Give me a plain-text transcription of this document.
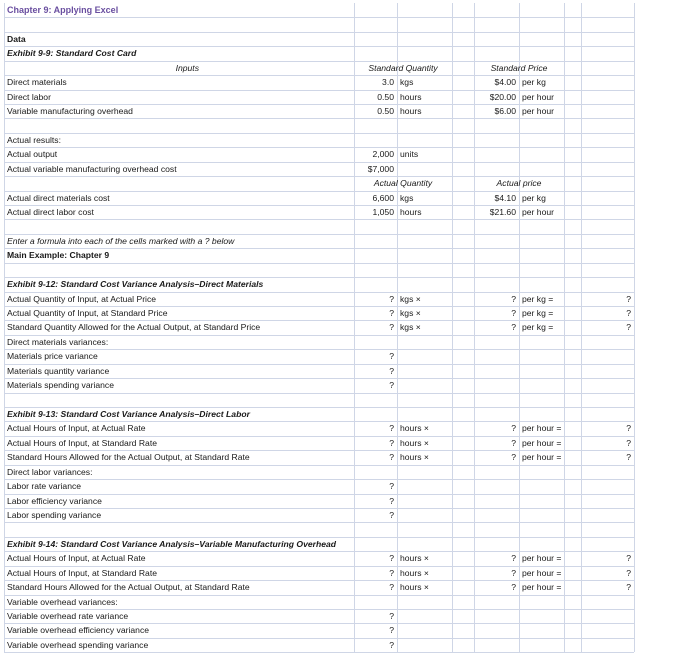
Chapter 9: Applying Excel
Data
Exhibit 9-9: Standard Cost Card
Inputs	Standard Quantity	Standard Price
Direct materials	3.0 kgs	$4.00 per kg
Direct labor	0.50 hours	$20.00 per hour
Variable manufacturing overhead	0.50 hours	$6.00 per hour
Actual results:
Actual output	2,000 units
Actual variable manufacturing overhead cost	$7,000
Actual Quantity	Actual price
Actual direct materials cost	6,600 kgs	$4.10 per kg
Actual direct labor cost	1,050 hours	$21.60 per hour
Enter a formula into each of the cells marked with a ? below
Main Example: Chapter 9
Exhibit 9-12: Standard Cost Variance Analysis–Direct Materials
Actual Quantity of Input, at Actual Price	? kgs ×	? per kg =	?
Actual Quantity of Input, at Standard Price	? kgs ×	? per kg =	?
Standard Quantity Allowed for the Actual Output, at Standard Price	? kgs ×	? per kg =	?
Direct materials variances:
Materials price variance	?
Materials quantity variance	?
Materials spending variance	?
Exhibit 9-13: Standard Cost Variance Analysis–Direct Labor
Actual Hours of Input, at Actual Rate	? hours ×	? per hour =	?
Actual Hours of Input, at Standard Rate	? hours ×	? per hour =	?
Standard Hours Allowed for the Actual Output, at Standard Rate	? hours ×	? per hour =	?
Direct labor variances:
Labor rate variance	?
Labor efficiency variance	?
Labor spending variance	?
Exhibit 9-14: Standard Cost Variance Analysis–Variable Manufacturing Overhead
Actual Hours of Input, at Actual Rate	? hours ×	? per hour =	?
Actual Hours of Input, at Standard Rate	? hours ×	? per hour =	?
Standard Hours Allowed for the Actual Output, at Standard Rate	? hours ×	? per hour =	?
Variable overhead variances:
Variable overhead rate variance	?
Variable overhead efficiency variance	?
Variable overhead spending variance	?
